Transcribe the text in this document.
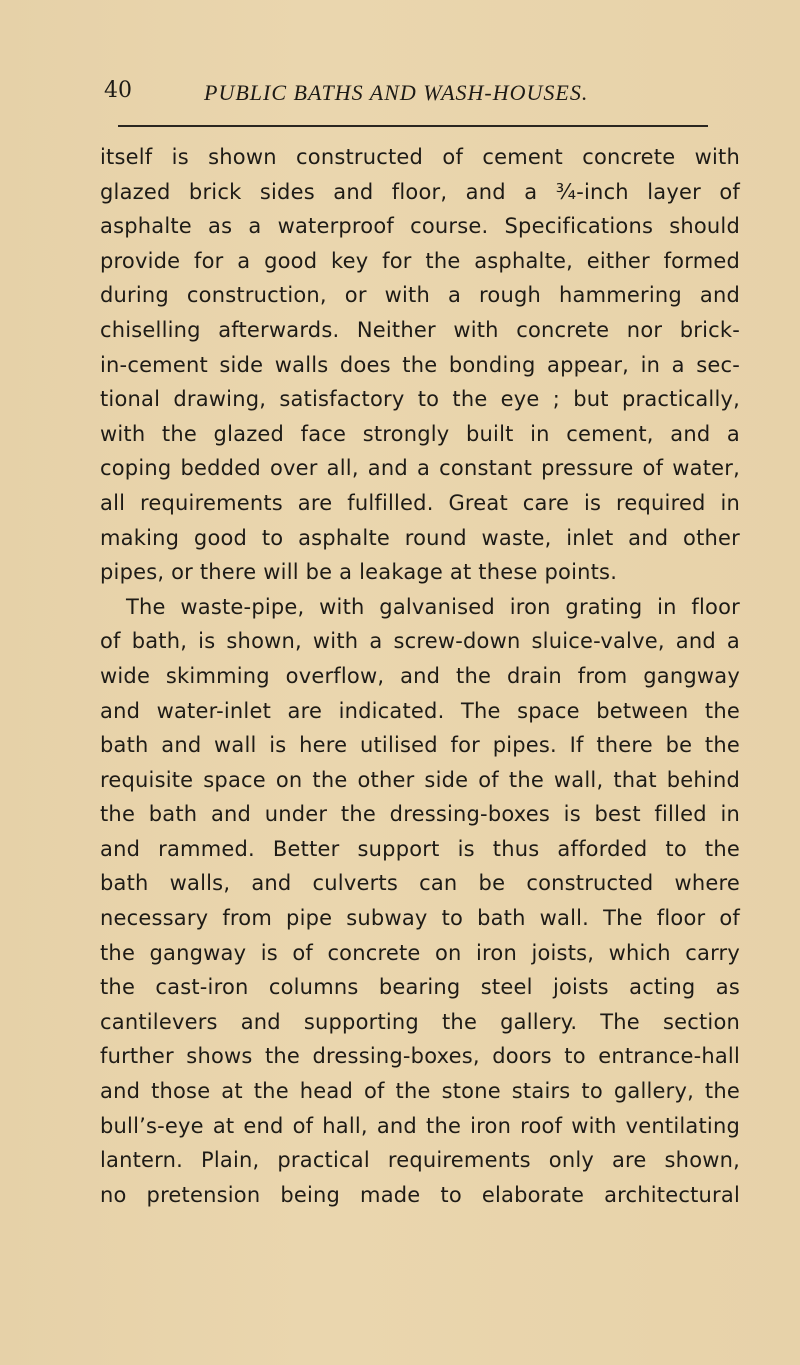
40	PUBLIC BATHS AND WASH-HOUSES.
itself is shown constructed of cement concrete with
glazed brick sides and floor, and a ¾-inch layer of
asphalte as a waterproof course. Specifications should
provide for a good key for the asphalte, either formed
during construction, or with a rough hammering and
chiselling afterwards. Neither with concrete nor brick-
in-cement side walls does the bonding appear, in a sec-
tional drawing, satisfactory to the eye ; but practically,
with the glazed face strongly built in cement, and a
coping bedded over all, and a constant pressure of water,
all requirements are fulfilled. Great care is required in
making good to asphalte round waste, inlet and other
pipes, or there will be a leakage at these points.
The waste-pipe, with galvanised iron grating in floor
of bath, is shown, with a screw-down sluice-valve, and a
wide skimming overflow, and the drain from gangway
and water-inlet are indicated. The space between the
bath and wall is here utilised for pipes. If there be the
requisite space on the other side of the wall, that behind
the bath and under the dressing-boxes is best filled in
and rammed. Better support is thus afforded to the
bath walls, and culverts can be constructed where
necessary from pipe subway to bath wall. The floor of
the gangway is of concrete on iron joists, which carry
the cast-iron columns bearing steel joists acting as
cantilevers and supporting the gallery. The section
further shows the dressing-boxes, doors to entrance-hall
and those at the head of the stone stairs to gallery, the
bull’s-eye at end of hall, and the iron roof with ventilating
lantern. Plain, practical requirements only are shown,
no pretension being made to elaborate architectural
